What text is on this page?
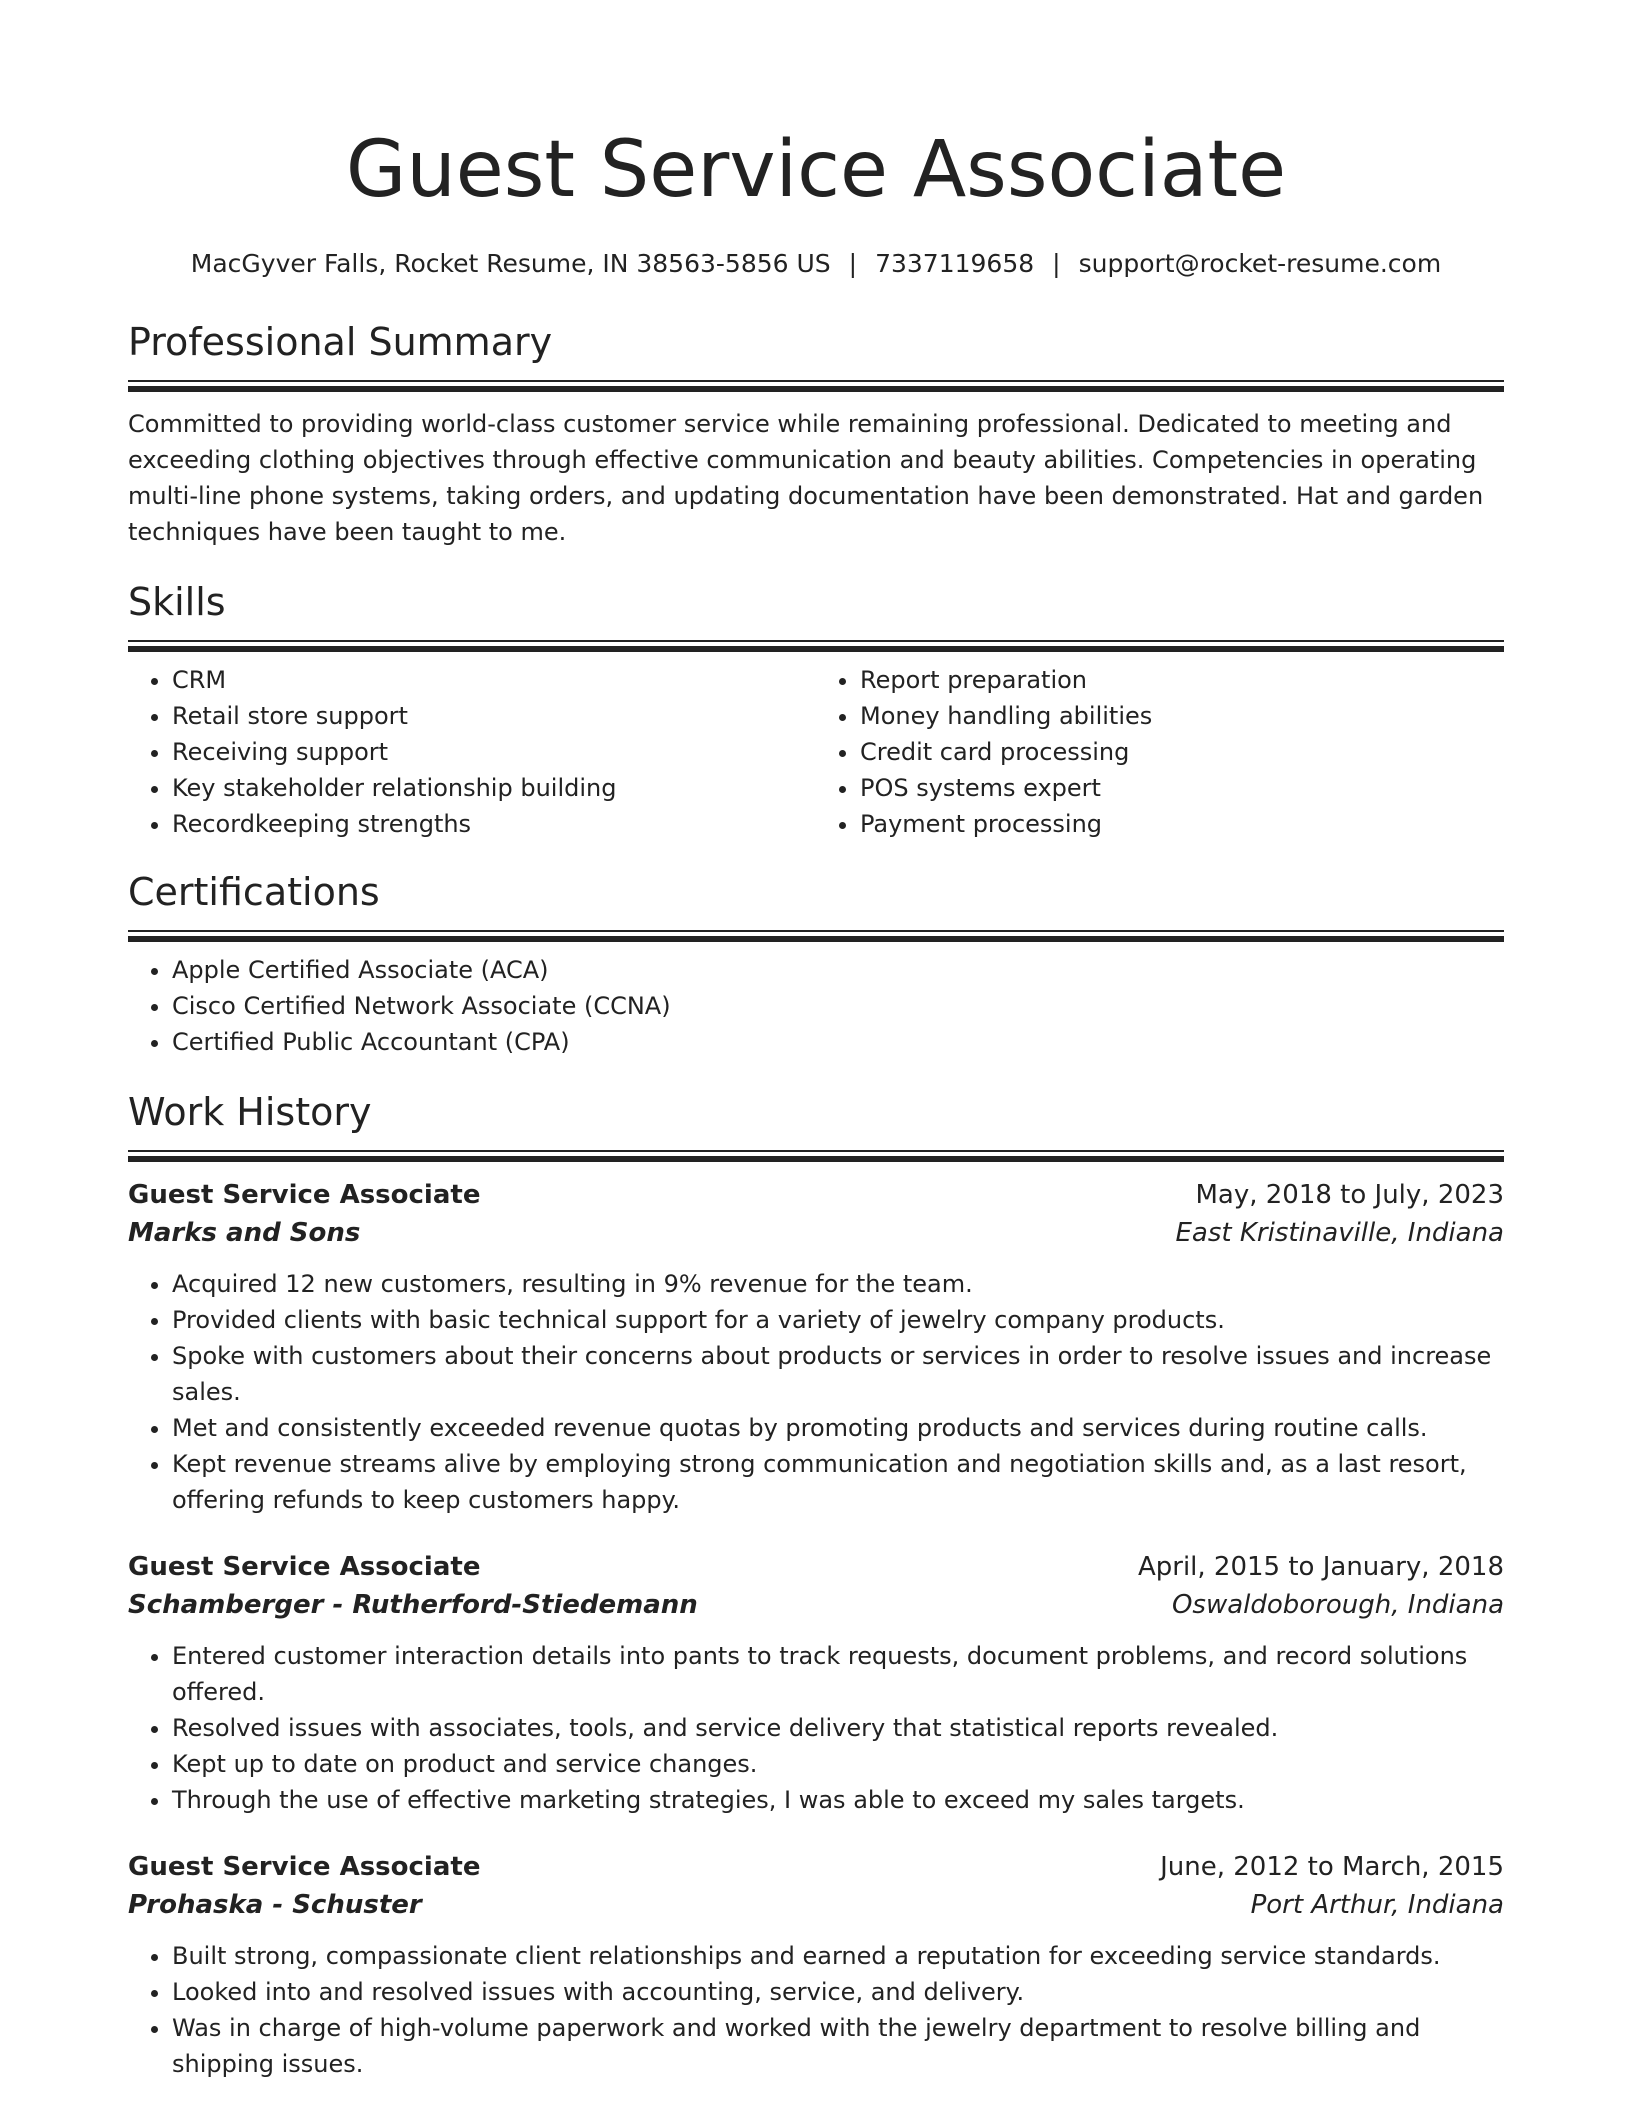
Guest Service Associate
MacGyver Falls, Rocket Resume, IN 38563-5856 US | 7337119658 | support@rocket-resume.com
Professional Summary
Committed to providing world-class customer service while remaining professional. Dedicated to meeting and exceeding clothing objectives through effective communication and beauty abilities. Competencies in operating multi-line phone systems, taking orders, and updating documentation have been demonstrated. Hat and garden techniques have been taught to me.
Skills
• CRM
• Retail store support
• Receiving support
• Key stakeholder relationship building
• Recordkeeping strengths
• Report preparation
• Money handling abilities
• Credit card processing
• POS systems expert
• Payment processing
Certifications
• Apple Certified Associate (ACA)
• Cisco Certified Network Associate (CCNA)
• Certified Public Accountant (CPA)
Work History
Guest Service Associate	May, 2018 to July, 2023
Marks and Sons	East Kristinaville, Indiana
• Acquired 12 new customers, resulting in 9% revenue for the team.
• Provided clients with basic technical support for a variety of jewelry company products.
• Spoke with customers about their concerns about products or services in order to resolve issues and increase sales.
• Met and consistently exceeded revenue quotas by promoting products and services during routine calls.
• Kept revenue streams alive by employing strong communication and negotiation skills and, as a last resort, offering refunds to keep customers happy.
Guest Service Associate	April, 2015 to January, 2018
Schamberger - Rutherford-Stiedemann	Oswaldoborough, Indiana
• Entered customer interaction details into pants to track requests, document problems, and record solutions offered.
• Resolved issues with associates, tools, and service delivery that statistical reports revealed.
• Kept up to date on product and service changes.
• Through the use of effective marketing strategies, I was able to exceed my sales targets.
Guest Service Associate	June, 2012 to March, 2015
Prohaska - Schuster	Port Arthur, Indiana
• Built strong, compassionate client relationships and earned a reputation for exceeding service standards.
• Looked into and resolved issues with accounting, service, and delivery.
• Was in charge of high-volume paperwork and worked with the jewelry department to resolve billing and shipping issues.
